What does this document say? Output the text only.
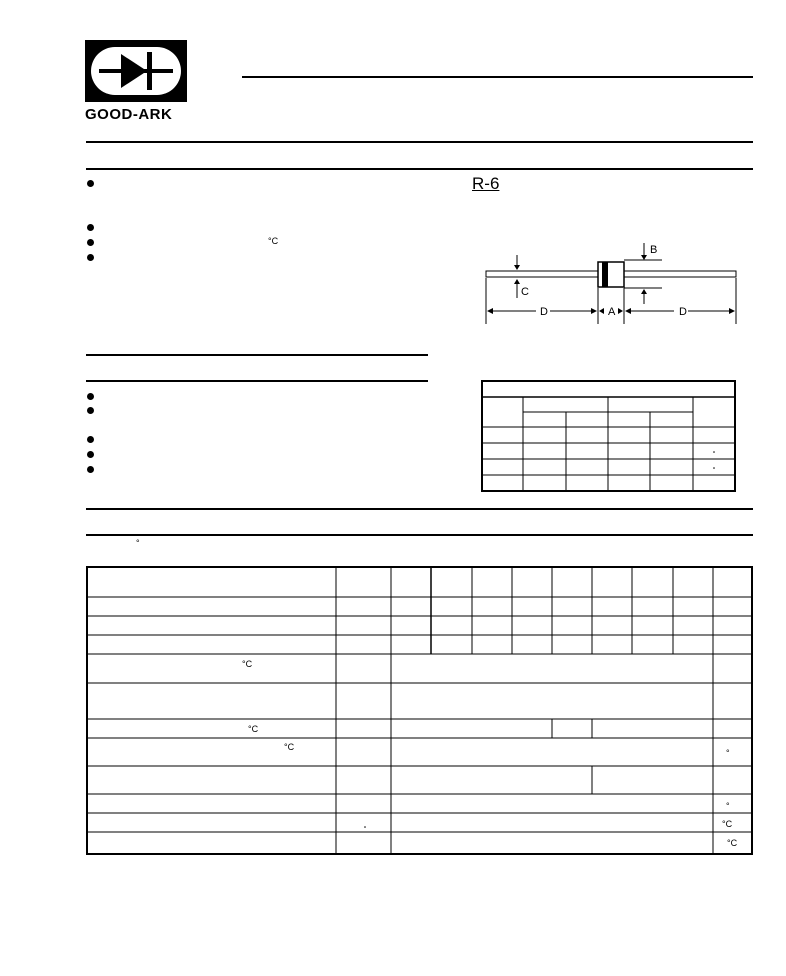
GOOD-ARK
°C
R-6
C
B
D	A	D
°
°C
°C
°C
°
°
°C
°C
